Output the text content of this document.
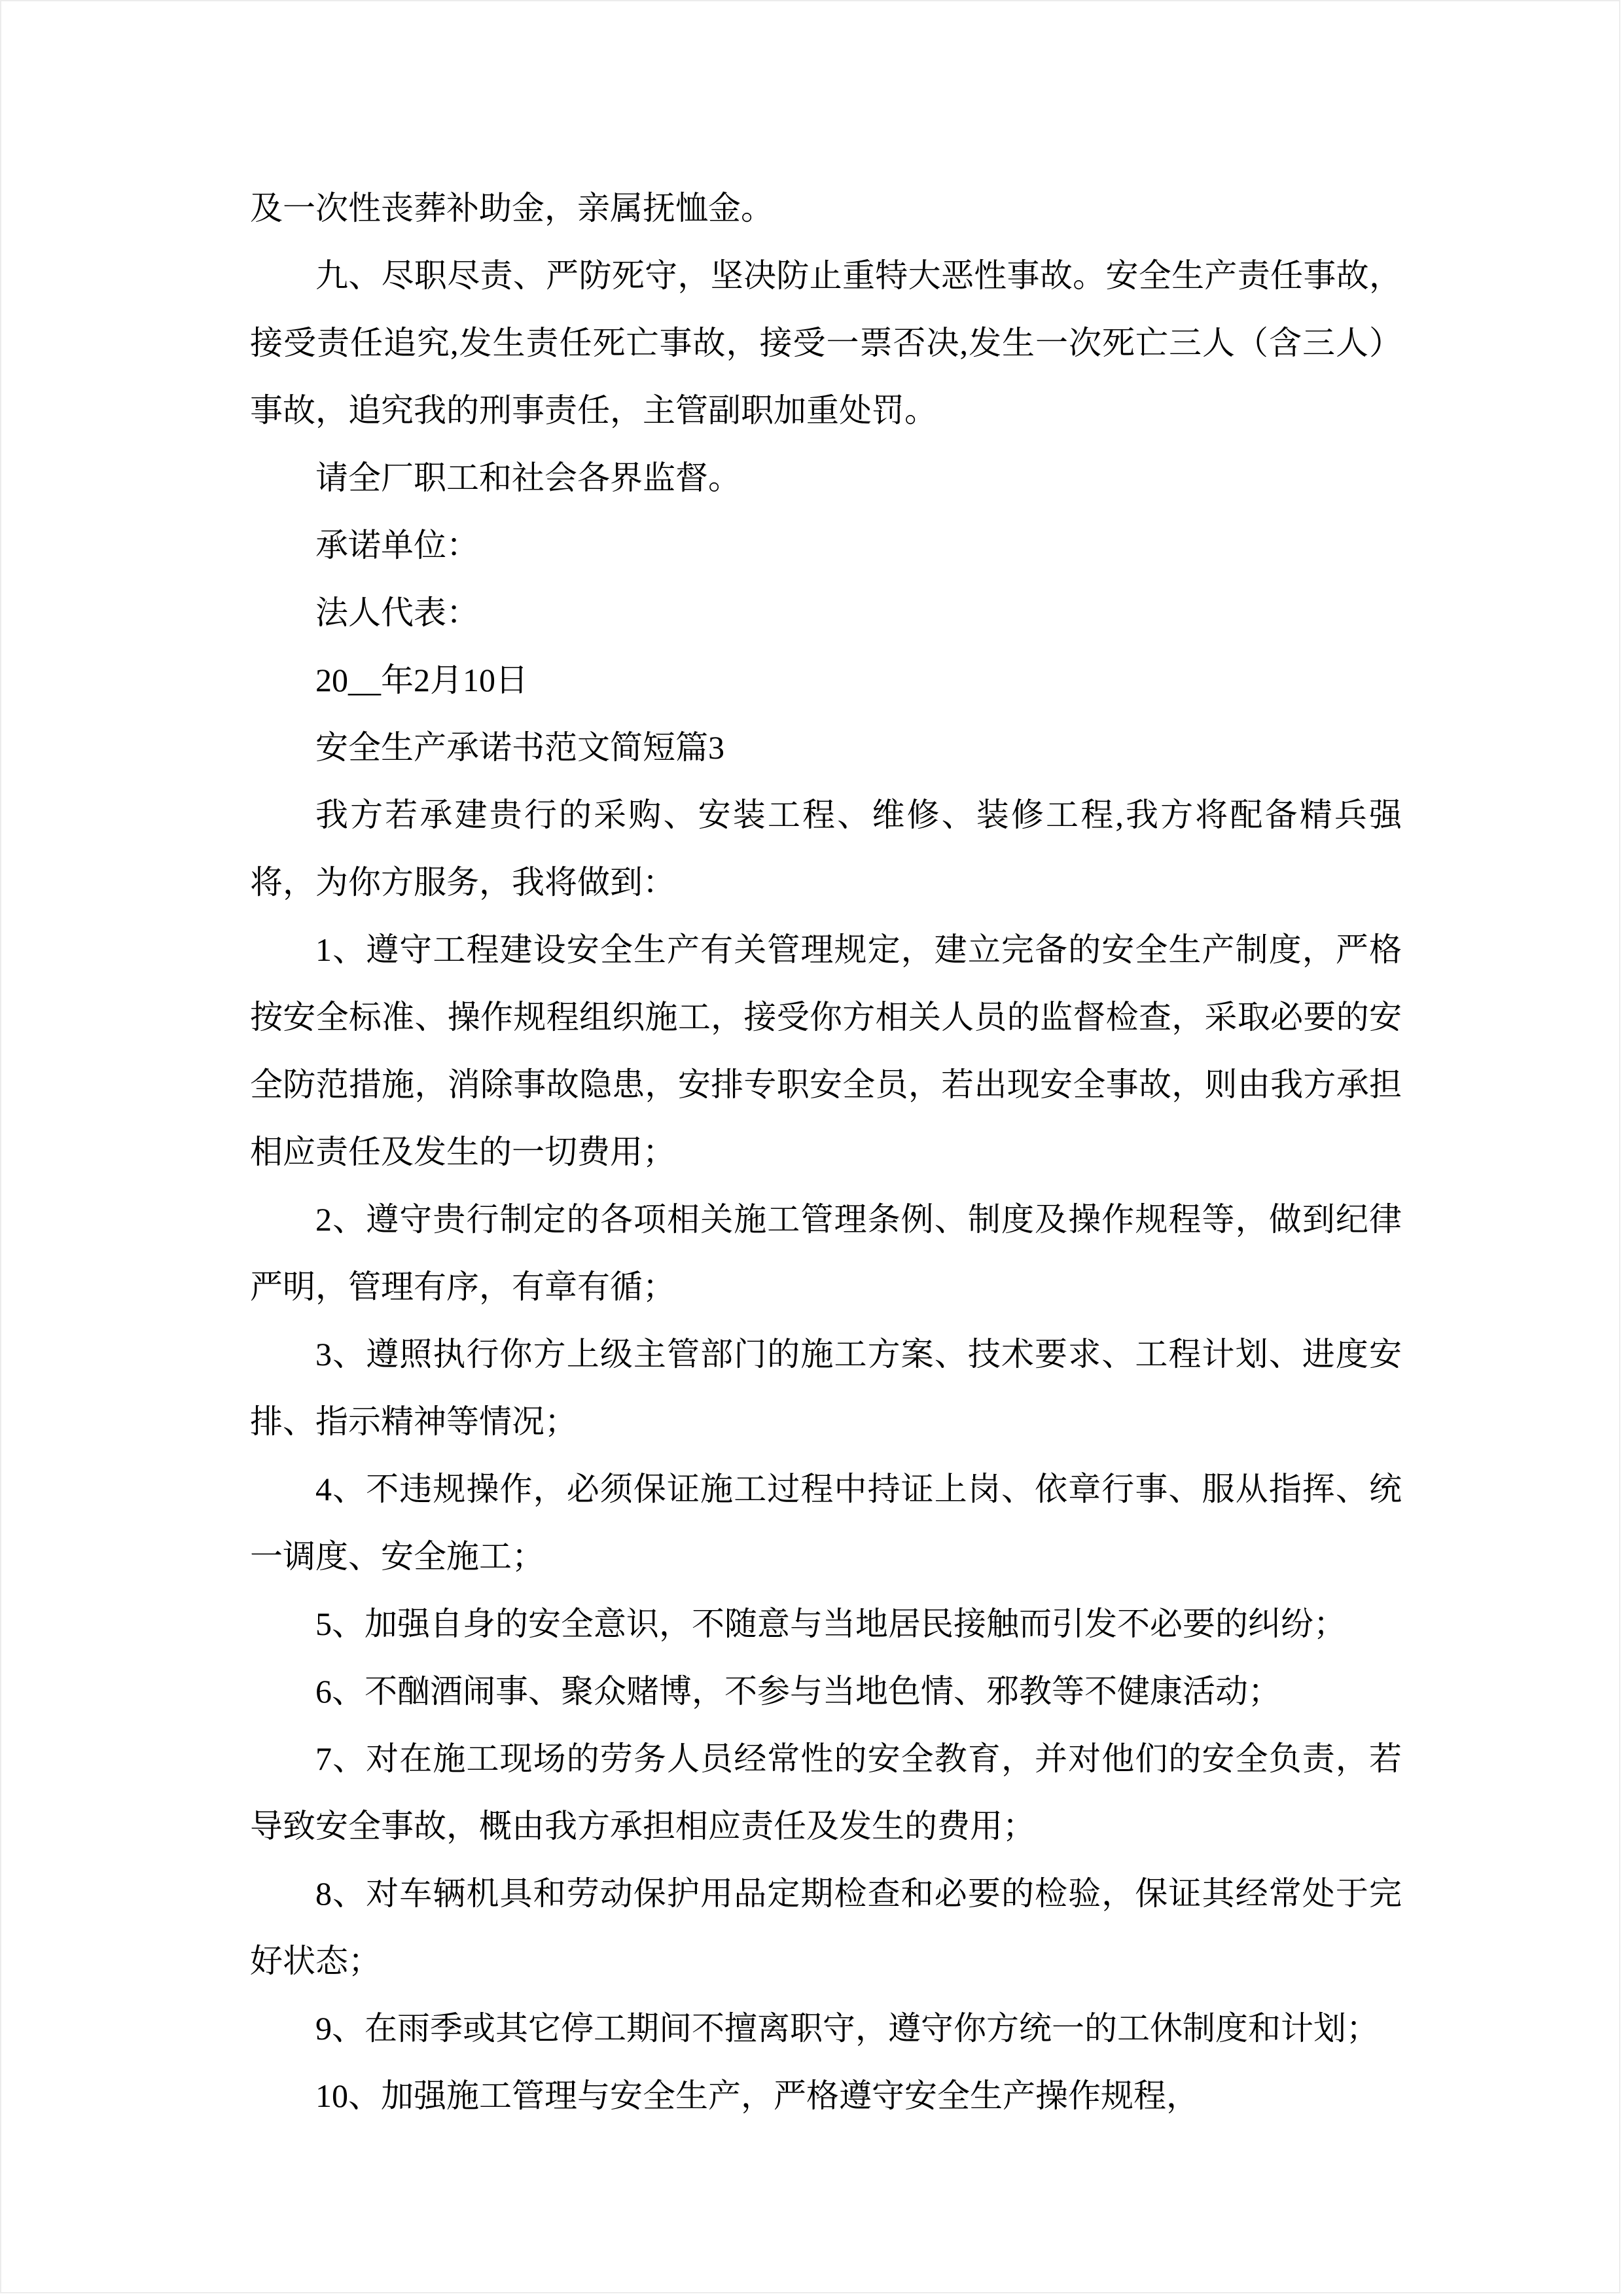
及一次性丧葬补助金，亲属抚恤金。

九、尽职尽责、严防死守，坚决防止重特大恶性事故。安全生产责任事故，接受责任追究,发生责任死亡事故，接受一票否决,发生一次死亡三人（含三人）事故，追究我的刑事责任，主管副职加重处罚。

请全厂职工和社会各界监督。

承诺单位：

法人代表：

20__年2月10日

安全生产承诺书范文简短篇3

我方若承建贵行的采购、安装工程、维修、装修工程,我方将配备精兵强将，为你方服务，我将做到：

1、遵守工程建设安全生产有关管理规定，建立完备的安全生产制度，严格按安全标准、操作规程组织施工，接受你方相关人员的监督检查，采取必要的安全防范措施，消除事故隐患，安排专职安全员，若出现安全事故，则由我方承担相应责任及发生的一切费用；

2、遵守贵行制定的各项相关施工管理条例、制度及操作规程等，做到纪律严明，管理有序，有章有循；

3、遵照执行你方上级主管部门的施工方案、技术要求、工程计划、进度安排、指示精神等情况；

4、不违规操作，必须保证施工过程中持证上岗、依章行事、服从指挥、统一调度、安全施工；

5、加强自身的安全意识，不随意与当地居民接触而引发不必要的纠纷；

6、不酗酒闹事、聚众赌博，不参与当地色情、邪教等不健康活动；

7、对在施工现场的劳务人员经常性的安全教育，并对他们的安全负责，若导致安全事故，概由我方承担相应责任及发生的费用；

8、对车辆机具和劳动保护用品定期检查和必要的检验，保证其经常处于完好状态；

9、在雨季或其它停工期间不擅离职守，遵守你方统一的工休制度和计划；

10、加强施工管理与安全生产，严格遵守安全生产操作规程，
